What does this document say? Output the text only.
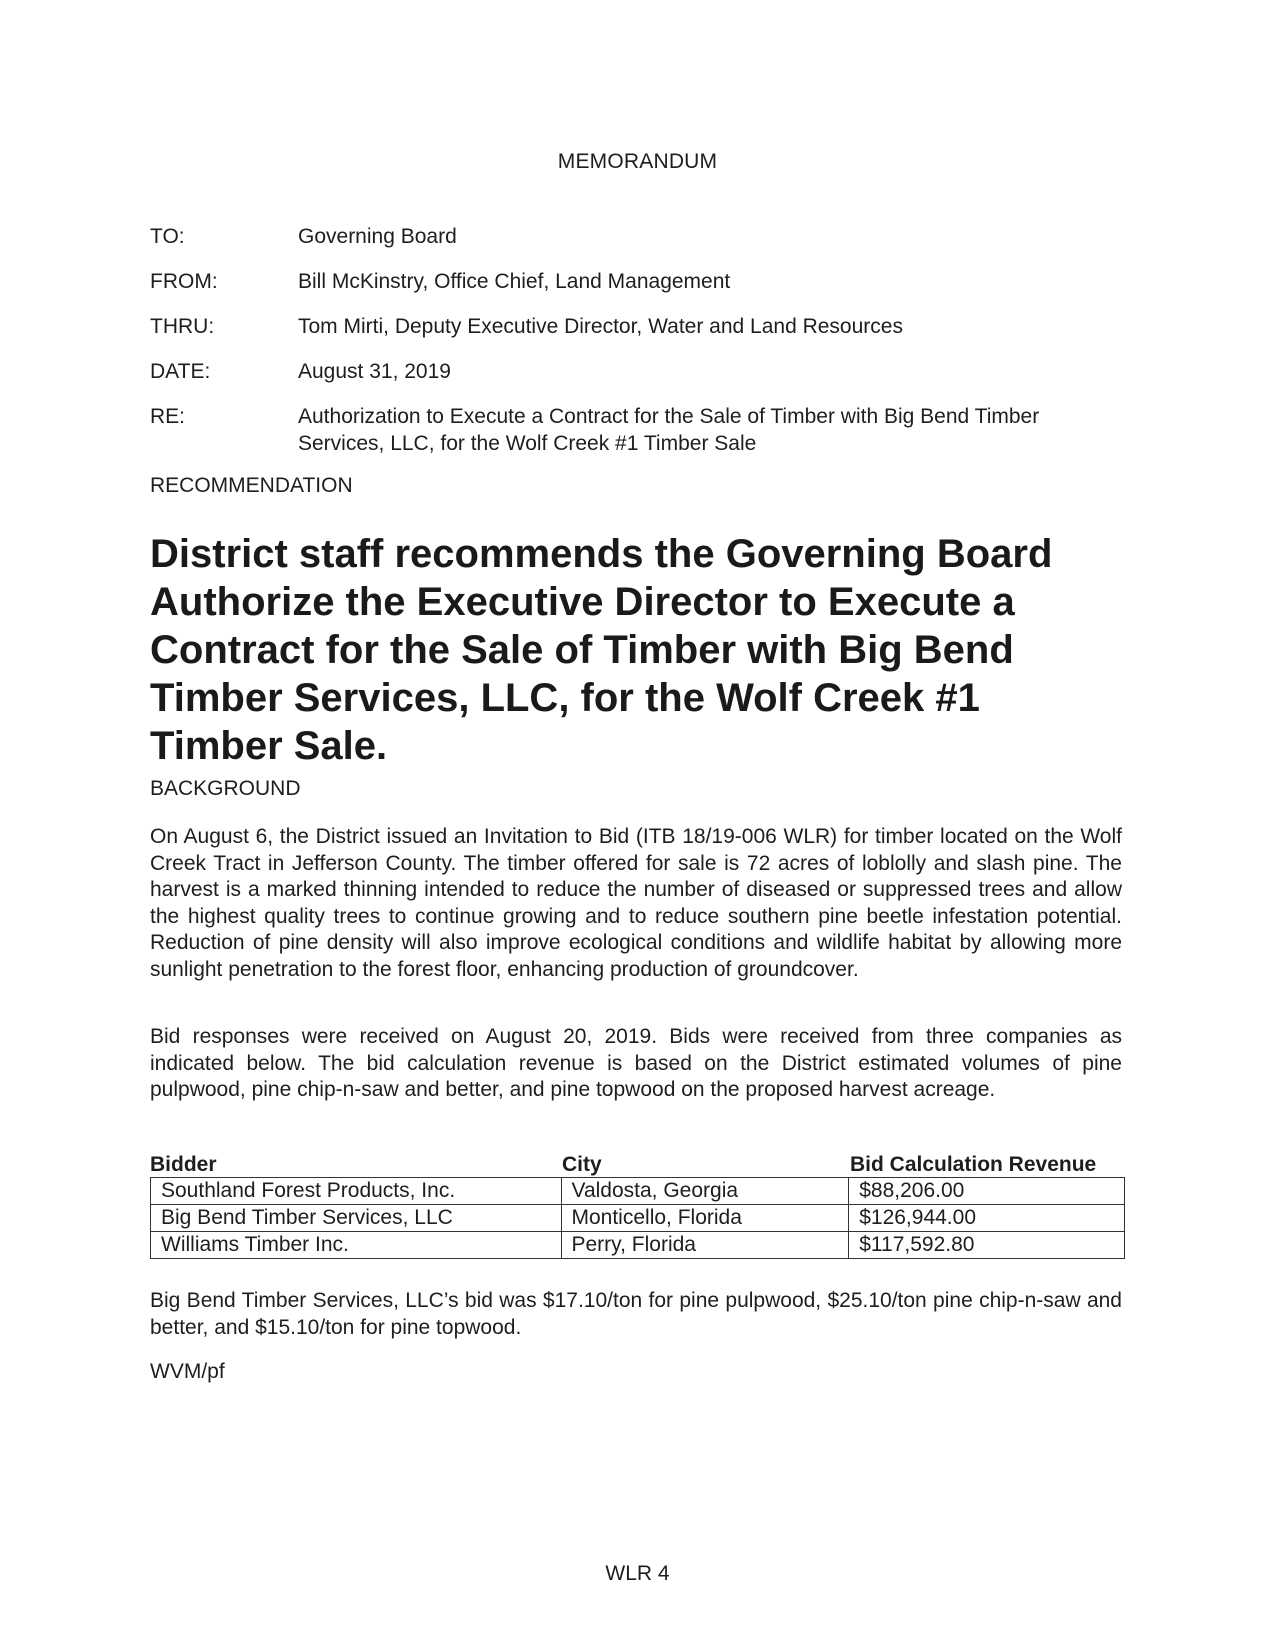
MEMORANDUM
TO:	Governing Board
FROM:	Bill McKinstry, Office Chief, Land Management
THRU:	Tom Mirti, Deputy Executive Director, Water and Land Resources
DATE:	August 31, 2019
RE:	Authorization to Execute a Contract for the Sale of Timber with Big Bend Timber Services, LLC, for the Wolf Creek #1 Timber Sale
RECOMMENDATION
District staff recommends the Governing Board Authorize the Executive Director to Execute a Contract for the Sale of Timber with Big Bend Timber Services, LLC, for the Wolf Creek #1 Timber Sale.
BACKGROUND
On August 6, the District issued an Invitation to Bid (ITB 18/19-006 WLR) for timber located on the Wolf Creek Tract in Jefferson County. The timber offered for sale is 72 acres of loblolly and slash pine. The harvest is a marked thinning intended to reduce the number of diseased or suppressed trees and allow the highest quality trees to continue growing and to reduce southern pine beetle infestation potential. Reduction of pine density will also improve ecological conditions and wildlife habitat by allowing more sunlight penetration to the forest floor, enhancing production of groundcover.
Bid responses were received on August 20, 2019. Bids were received from three companies as indicated below. The bid calculation revenue is based on the District estimated volumes of pine pulpwood, pine chip-n-saw and better, and pine topwood on the proposed harvest acreage.
Bidder	City	Bid Calculation Revenue
Southland Forest Products, Inc.	Valdosta, Georgia	$88,206.00
Big Bend Timber Services, LLC	Monticello, Florida	$126,944.00
Williams Timber Inc.	Perry, Florida	$117,592.80
Big Bend Timber Services, LLC’s bid was $17.10/ton for pine pulpwood, $25.10/ton pine chip-n-saw and better, and $15.10/ton for pine topwood.
WVM/pf
WLR 4
